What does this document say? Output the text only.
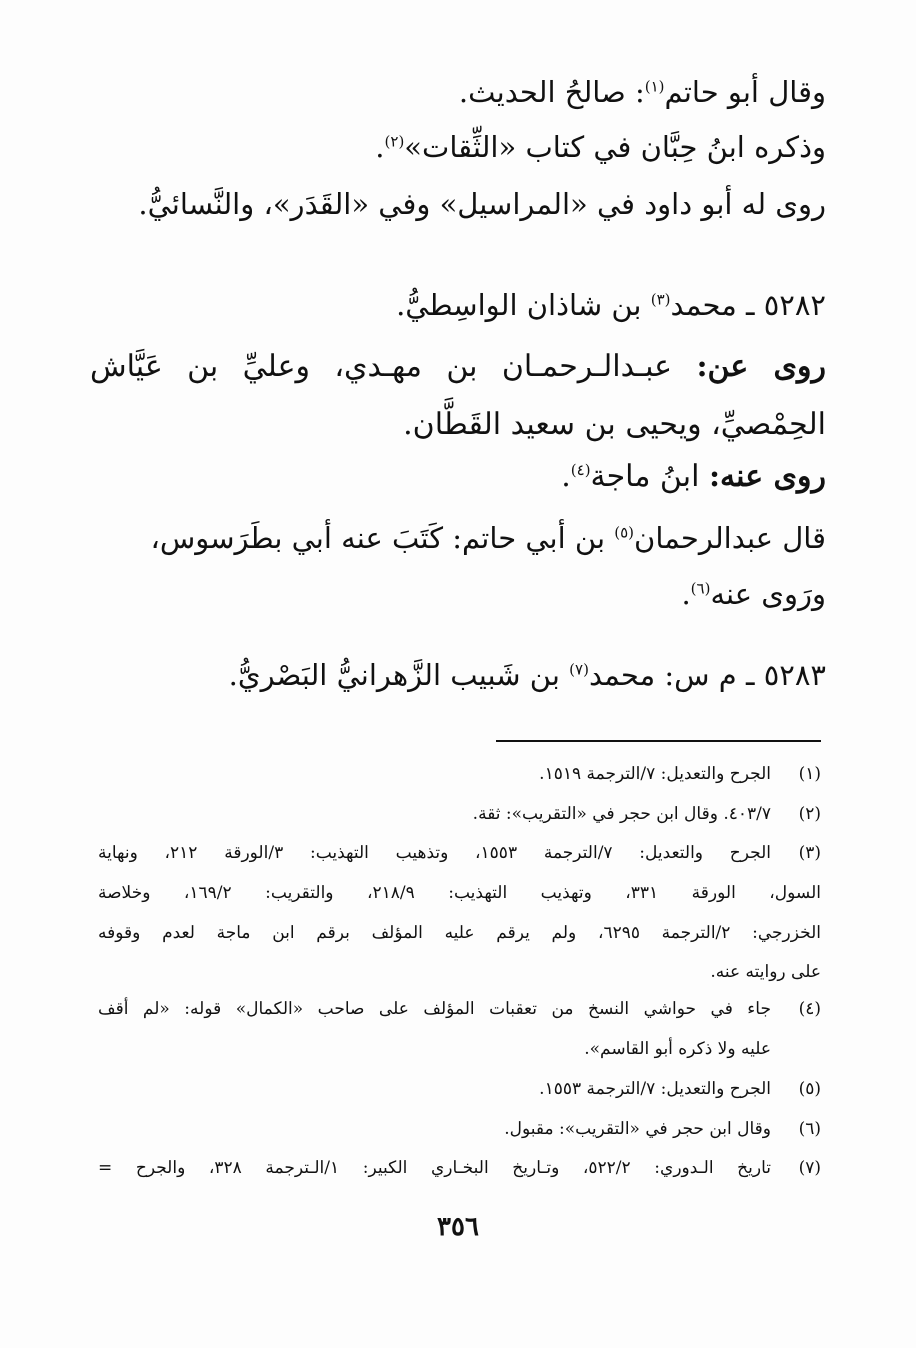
وقال أبو حاتم$^{(١)}$: صالحُ الحديث.
وذكره ابنُ حِبَّان في كتاب «الثِّقات»$^{(٢)}$.
روى له أبو داود في «المراسيل» وفي «القَدَر»، والنَّسائيُّ.
٥٢٨٢ ـ محمد$^{(٣)}$ بن شاذان الواسِطيُّ.
روى عن: عبـدالـرحمـان بن مهـدي، وعليِّ بن عَيَّاش
الحِمْصيِّ، ويحيى بن سعيد القَطَّان.
روى عنه: ابنُ ماجة$^{(٤)}$.
قال عبدالرحمان$^{(٥)}$ بن أبي حاتم: كَتَبَ عنه أبي بطَرَسوس،
ورَوى عنه$^{(٦)}$.
٥٢٨٣ ـ م س: محمد$^{(٧)}$ بن شَبيب الزَّهرانيُّ البَصْريُّ.
(١)
الجرح والتعديل: ٧/الترجمة ١٥١٩.
(٢)
٤٠٣/٧. وقال ابن حجر في «التقريب»: ثقة.
(٣)
الجرح والتعديل: ٧/الترجمة ١٥٥٣، وتذهيب التهذيب: ٣/الورقة ٢١٢، ونهاية
السول، الورقة ٣٣١، وتهذيب التهذيب: ٢١٨/٩، والتقريب: ١٦٩/٢، وخلاصة
الخزرجي: ٢/الترجمة ٦٢٩٥، ولم يرقم عليه المؤلف برقم ابن ماجة لعدم وقوفه
على روايته عنه.
(٤)
جاء في حواشي النسخ من تعقبات المؤلف على صاحب «الكمال» قوله: «لم أقف
عليه ولا ذكره أبو القاسم».
(٥)
الجرح والتعديل: ٧/الترجمة ١٥٥٣.
(٦)
وقال ابن حجر في «التقريب»: مقبول.
(٧)
تاريخ الـدوري: ٥٢٢/٢، وتـاريخ البخـاري الكبير: ١/الـترجمة ٣٢٨، والجرح =
٣٥٦
